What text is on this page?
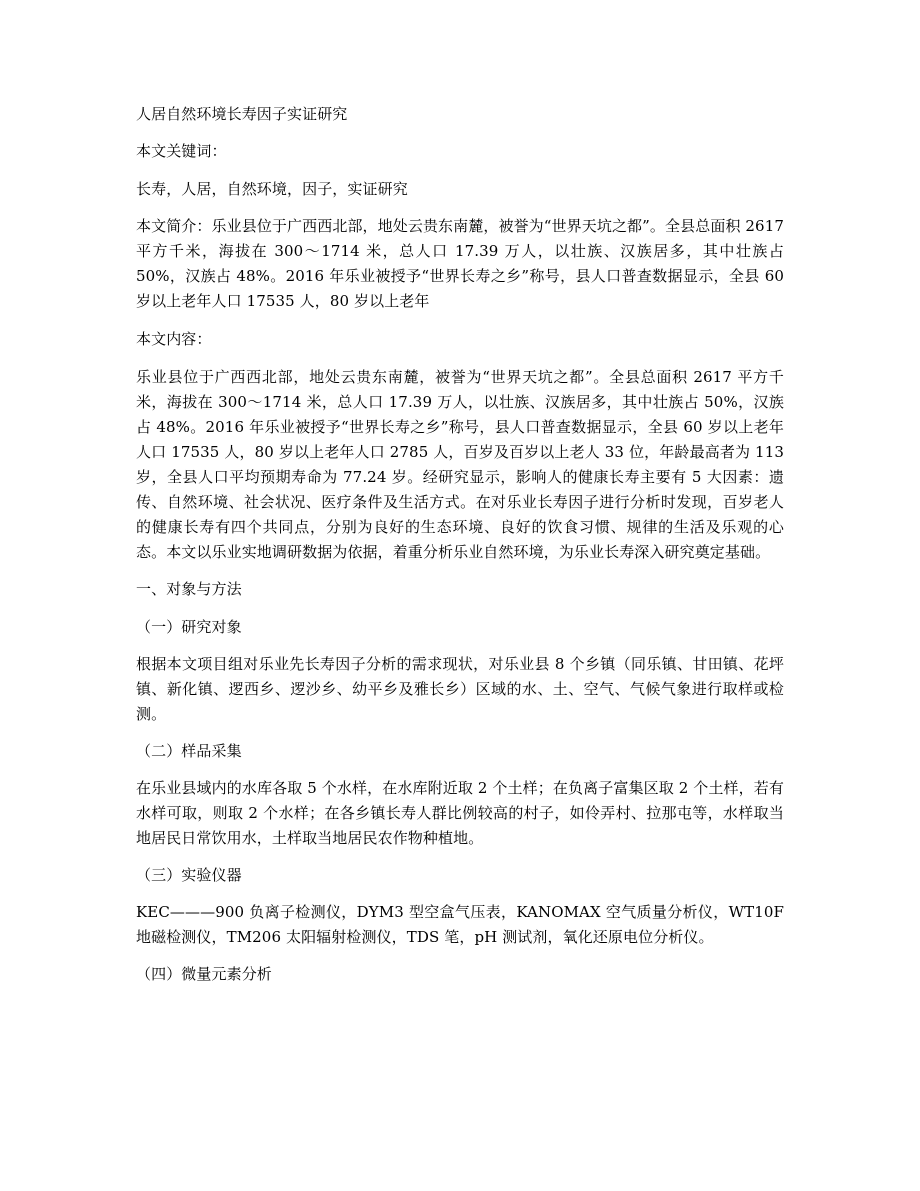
人居自然环境长寿因子实证研究

本文关键词：

长寿，人居，自然环境，因子，实证研究

本文简介：乐业县位于广西西北部，地处云贵东南麓，被誉为“世界天坑之都”。全县总面积 2617 平方千米，海拔在 300～1714 米，总人口 17.39 万人，以壮族、汉族居多，其中壮族占 50%，汉族占 48%。2016 年乐业被授予“世界长寿之乡”称号，县人口普查数据显示，全县 60 岁以上老年人口 17535 人，80 岁以上老年

本文内容：

乐业县位于广西西北部，地处云贵东南麓，被誉为“世界天坑之都”。全县总面积 2617 平方千米，海拔在 300～1714 米，总人口 17.39 万人，以壮族、汉族居多，其中壮族占 50%，汉族占 48%。2016 年乐业被授予“世界长寿之乡”称号，县人口普查数据显示，全县 60 岁以上老年人口 17535 人，80 岁以上老年人口 2785 人，百岁及百岁以上老人 33 位，年龄最高者为 113 岁，全县人口平均预期寿命为 77.24 岁。经研究显示，影响人的健康长寿主要有 5 大因素：遗传、自然环境、社会状况、医疗条件及生活方式。在对乐业长寿因子进行分析时发现，百岁老人的健康长寿有四个共同点，分别为良好的生态环境、良好的饮食习惯、规律的生活及乐观的心态。本文以乐业实地调研数据为依据，着重分析乐业自然环境，为乐业长寿深入研究奠定基础。

一、对象与方法

（一）研究对象

根据本文项目组对乐业先长寿因子分析的需求现状，对乐业县 8 个乡镇（同乐镇、甘田镇、花坪镇、新化镇、逻西乡、逻沙乡、幼平乡及雅长乡）区域的水、土、空气、气候气象进行取样或检测。

（二）样品采集

在乐业县域内的水库各取 5 个水样，在水库附近取 2 个土样；在负离子富集区取 2 个土样，若有水样可取，则取 2 个水样；在各乡镇长寿人群比例较高的村子，如伶弄村、拉那屯等，水样取当地居民日常饮用水，土样取当地居民农作物种植地。

（三）实验仪器

KEC———900 负离子检测仪，DYM3 型空盒气压表，KANOMAX 空气质量分析仪，WT10F 地磁检测仪，TM206 太阳辐射检测仪，TDS 笔，pH 测试剂，氧化还原电位分析仪。

（四）微量元素分析
